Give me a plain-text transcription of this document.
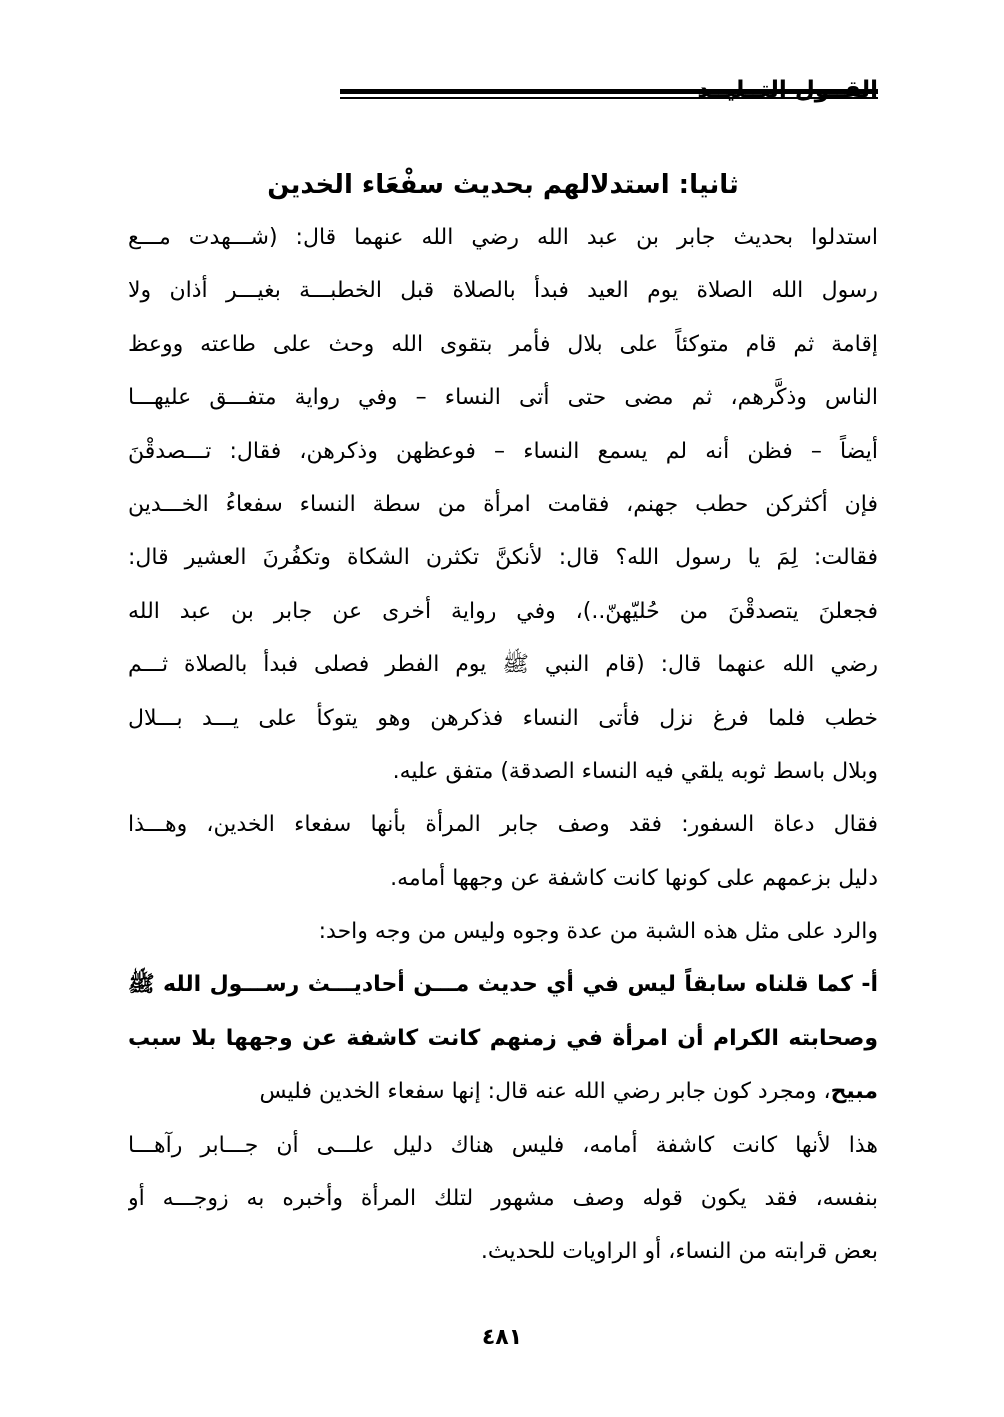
ثانيا: استدلالهم بحديث سفْعَاء الخدين
استدلوا بحديث جابر بن عبد الله رضي الله عنهما قال: (شـــهدت مـــع
رسول الله الصلاة يوم العيد فبدأ بالصلاة قبل الخطبـــة بغيـــر أذان ولا
إقامة ثم قام متوكئاً على بلال فأمر بتقوى الله وحث على طاعته ووعظ
الناس وذكَّرهم، ثم مضى حتى أتى النساء – وفي رواية متفـــق عليهـــا
أيضاً – فظن أنه لم يسمع النساء – فوعظهن وذكرهن، فقال: تـــصدقْنَ
فإن أكثركن حطب جهنم، فقامت امرأة من سطة النساء سفعاءُ الخـــدين
فقالت: لِمَ يا رسول الله؟ قال: لأنكنَّ تكثرن الشكاة وتكفُرنَ العشير قال:
فجعلنَ يتصدقْنَ من حُليّهنّ..)، وفي رواية أخرى عن جابر بن عبد الله
رضي الله عنهما قال: (قام النبي ﷺ يوم الفطر فصلى فبدأ بالصلاة ثـــم
خطب فلما فرغ نزل فأتى النساء فذكرهن وهو يتوكأ على يـــد بـــلال
وبلال باسط ثوبه يلقي فيه النساء الصدقة) متفق عليه.
فقال دعاة السفور: فقد وصف جابر المرأة بأنها سفعاء الخدين، وهـــذا
دليل بزعمهم على كونها كانت كاشفة عن وجهها أمامه.
والرد على مثل هذه الشبة من عدة وجوه وليس من وجه واحد:
أ- كما قلناه سابقاً ليس في أي حديث مـــن أحاديـــث رســـول الله ﷺ
وصحابته الكرام أن امرأة في زمنهم كانت كاشفة عن وجهها بلا سبب
مبيح، ومجرد كون جابر رضي الله عنه قال: إنها سفعاء الخدين فليس
هذا لأنها كانت كاشفة أمامه، فليس هناك دليل علـــى أن جـــابر رآهـــا
بنفسه، فقد يكون قوله وصف مشهور لتلك المرأة وأخبره به زوجـــه أو
بعض قرابته من النساء، أو الراويات للحديث.
٤٨١
